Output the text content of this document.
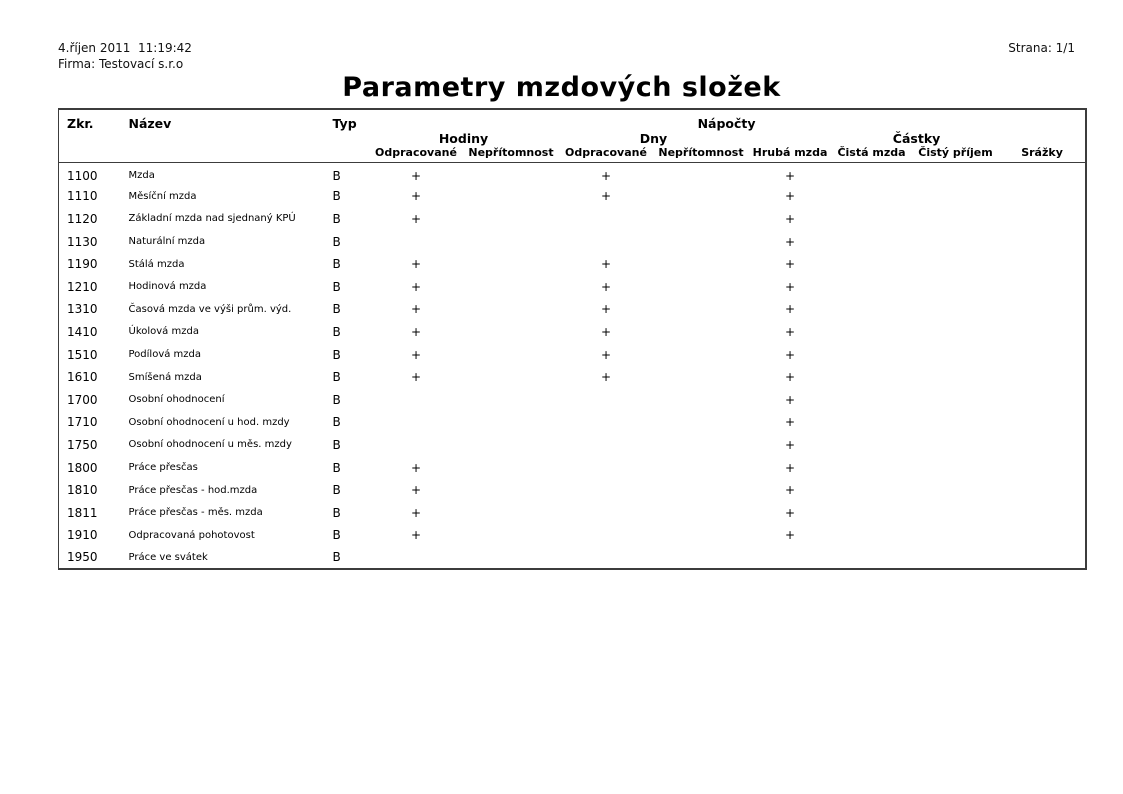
4.říjen 2011  11:19:42
Firma: Testovací s.r.o
Strana: 1/1
Parametry mzdových složek
Zkr.	Název	Typ	Nápočty							
			Hodiny		Dny		Částky			
			Odpracované	Nepřítomnost	Odpracované	Nepřítomnost	Hrubá mzda	Čistá mzda	Čistý příjem	Srážky
1100	Mzda	B	+		+		+			
1110	Měsíční mzda	B	+		+		+			
1120	Základní mzda nad sjednaný KPÚ	B	+				+			
1130	Naturální mzda	B					+			
1190	Stálá mzda	B	+		+		+			
1210	Hodinová mzda	B	+		+		+			
1310	Časová mzda ve výši prům. výd.	B	+		+		+			
1410	Úkolová mzda	B	+		+		+			
1510	Podílová mzda	B	+		+		+			
1610	Smíšená mzda	B	+		+		+			
1700	Osobní ohodnocení	B					+			
1710	Osobní ohodnocení u hod. mzdy	B					+			
1750	Osobní ohodnocení u měs. mzdy	B					+			
1800	Práce přesčas	B	+				+			
1810	Práce přesčas - hod.mzda	B	+				+			
1811	Práce přesčas - měs. mzda	B	+				+			
1910	Odpracovaná pohotovost	B	+				+			
1950	Práce ve svátek	B								
